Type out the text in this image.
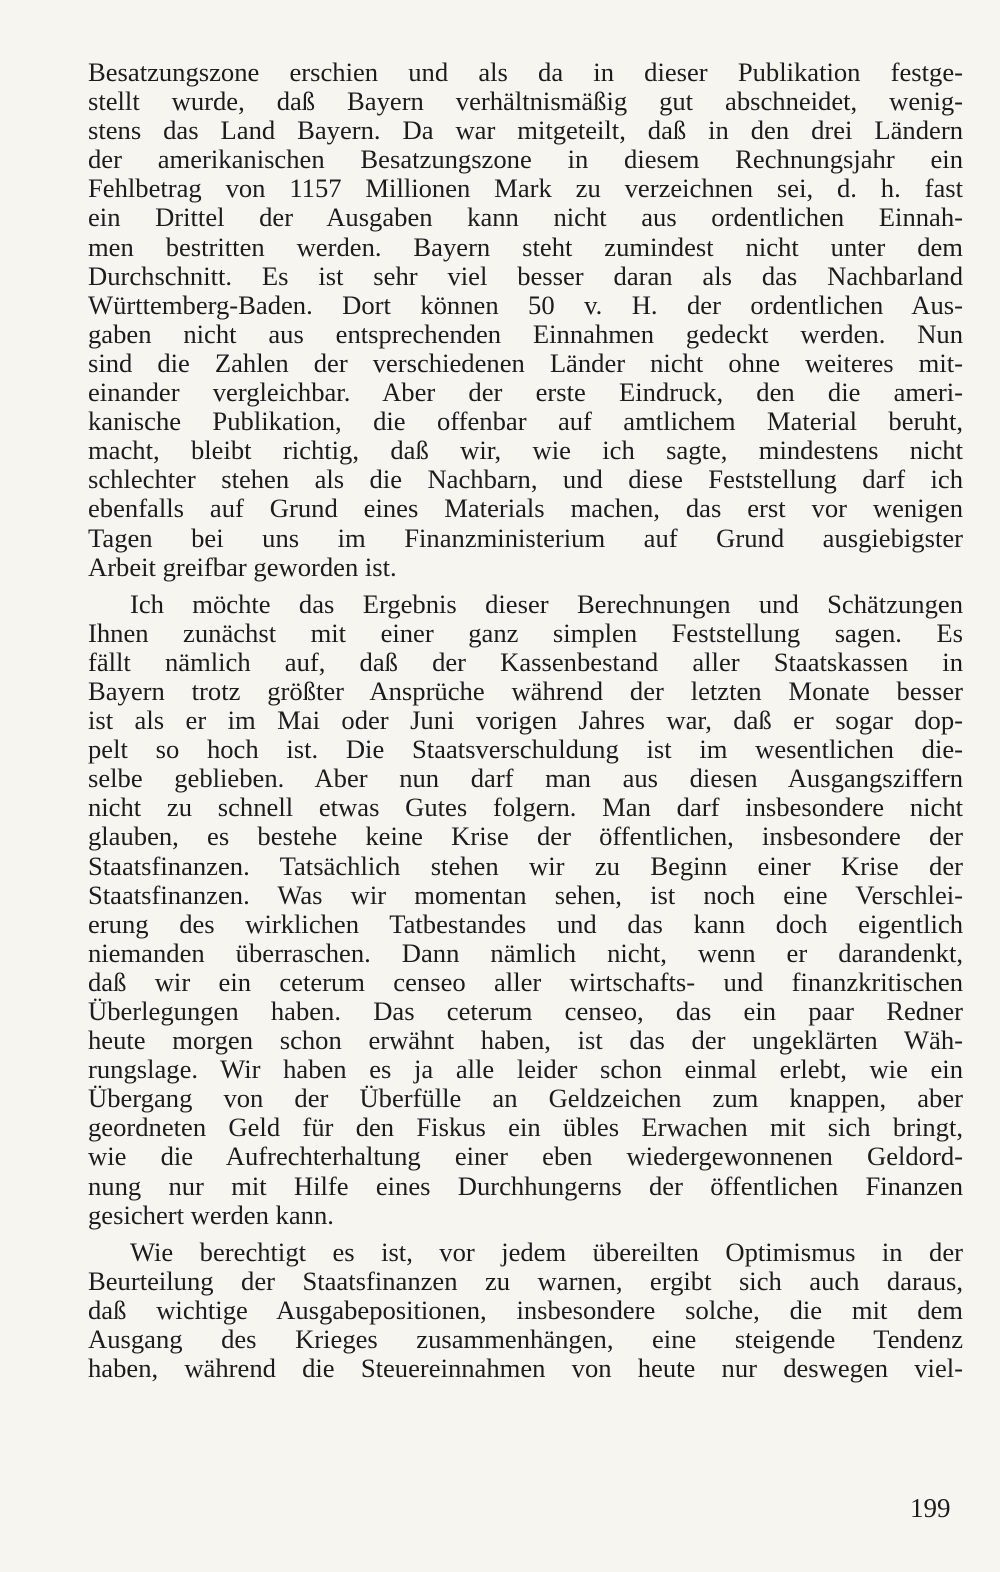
Besatzungszone erschien und als da in dieser Publikation festge-
stellt wurde, daß Bayern verhältnismäßig gut abschneidet, wenig-
stens das Land Bayern. Da war mitgeteilt, daß in den drei Ländern
der amerikanischen Besatzungszone in diesem Rechnungsjahr ein
Fehlbetrag von 1157 Millionen Mark zu verzeichnen sei, d. h. fast
ein Drittel der Ausgaben kann nicht aus ordentlichen Einnah-
men bestritten werden. Bayern steht zumindest nicht unter dem
Durchschnitt. Es ist sehr viel besser daran als das Nachbarland
Württemberg-Baden. Dort können 50 v. H. der ordentlichen Aus-
gaben nicht aus entsprechenden Einnahmen gedeckt werden. Nun
sind die Zahlen der verschiedenen Länder nicht ohne weiteres mit-
einander vergleichbar. Aber der erste Eindruck, den die ameri-
kanische Publikation, die offenbar auf amtlichem Material beruht,
macht, bleibt richtig, daß wir, wie ich sagte, mindestens nicht
schlechter stehen als die Nachbarn, und diese Feststellung darf ich
ebenfalls auf Grund eines Materials machen, das erst vor wenigen
Tagen bei uns im Finanzministerium auf Grund ausgiebigster
Arbeit greifbar geworden ist.

Ich möchte das Ergebnis dieser Berechnungen und Schätzungen
Ihnen zunächst mit einer ganz simplen Feststellung sagen. Es
fällt nämlich auf, daß der Kassenbestand aller Staatskassen in
Bayern trotz größter Ansprüche während der letzten Monate besser
ist als er im Mai oder Juni vorigen Jahres war, daß er sogar dop-
pelt so hoch ist. Die Staatsverschuldung ist im wesentlichen die-
selbe geblieben. Aber nun darf man aus diesen Ausgangsziffern
nicht zu schnell etwas Gutes folgern. Man darf insbesondere nicht
glauben, es bestehe keine Krise der öffentlichen, insbesondere der
Staatsfinanzen. Tatsächlich stehen wir zu Beginn einer Krise der
Staatsfinanzen. Was wir momentan sehen, ist noch eine Verschlei-
erung des wirklichen Tatbestandes und das kann doch eigentlich
niemanden überraschen. Dann nämlich nicht, wenn er darandenkt,
daß wir ein ceterum censeo aller wirtschafts- und finanzkritischen
Überlegungen haben. Das ceterum censeo, das ein paar Redner
heute morgen schon erwähnt haben, ist das der ungeklärten Wäh-
rungslage. Wir haben es ja alle leider schon einmal erlebt, wie ein
Übergang von der Überfülle an Geldzeichen zum knappen, aber
geordneten Geld für den Fiskus ein übles Erwachen mit sich bringt,
wie die Aufrechterhaltung einer eben wiedergewonnenen Geldord-
nung nur mit Hilfe eines Durchhungerns der öffentlichen Finanzen
gesichert werden kann.

Wie berechtigt es ist, vor jedem übereilten Optimismus in der
Beurteilung der Staatsfinanzen zu warnen, ergibt sich auch daraus,
daß wichtige Ausgabepositionen, insbesondere solche, die mit dem
Ausgang des Krieges zusammenhängen, eine steigende Tendenz
haben, während die Steuereinnahmen von heute nur deswegen viel-

199
